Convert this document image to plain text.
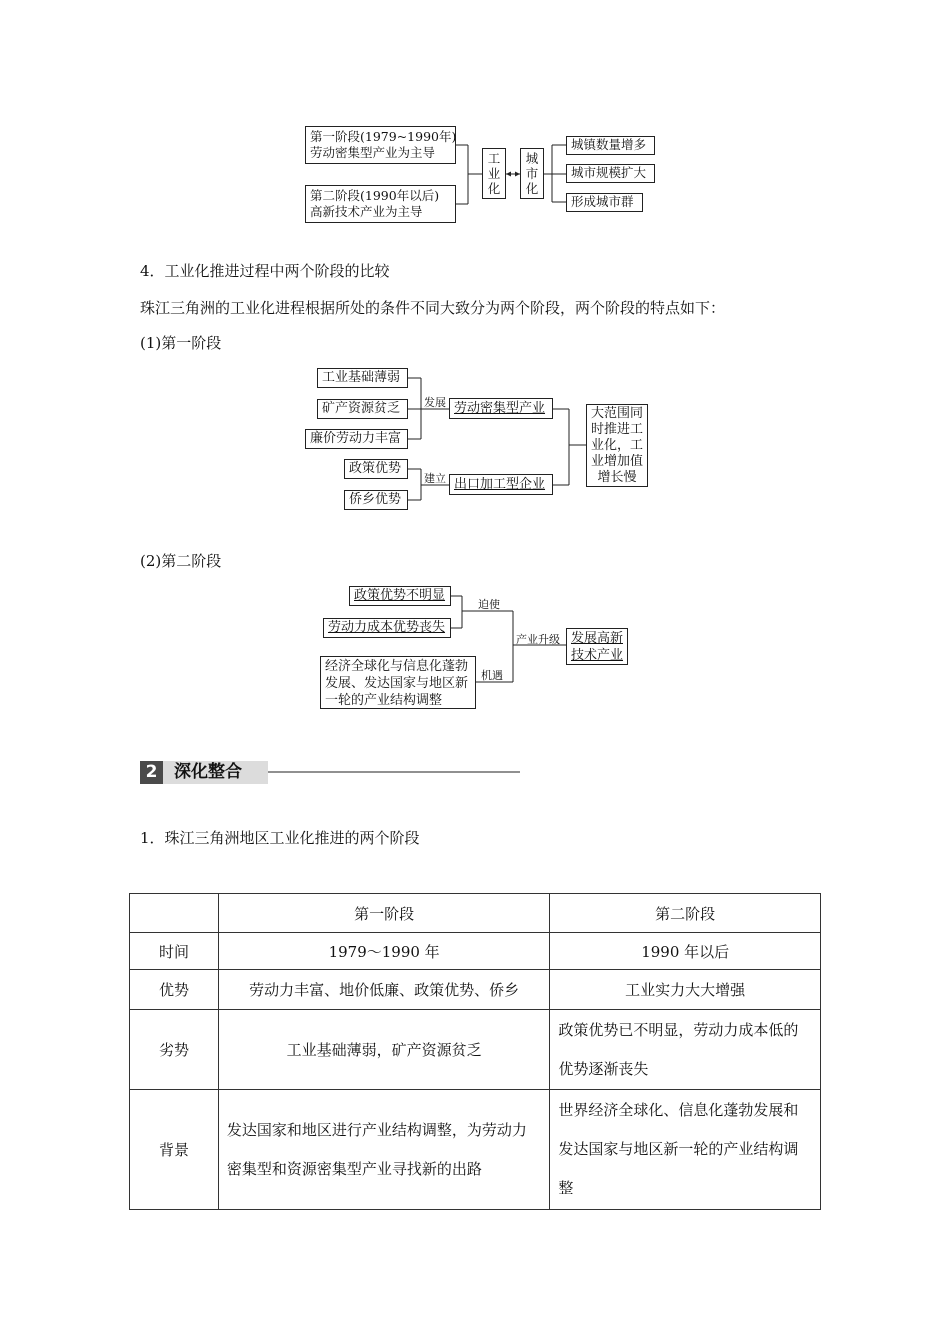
第一阶段(1979~1990年)
劳动密集型产业为主导
第二阶段(1990年以后)
高新技术产业为主导
工
业
化
城
市
化
城镇数量增多
城市规模扩大
形成城市群
4．工业化推进过程中两个阶段的比较
珠江三角洲的工业化进程根据所处的条件不同大致分为两个阶段，两个阶段的特点如下：
(1)第一阶段
工业基础薄弱
矿产资源贫乏
廉价劳动力丰富
政策优势
侨乡优势
发展
建立
劳动密集型产业
出口加工型企业
大范围同
时推进工
业化，工
业增加值
增长慢
(2)第二阶段
政策优势不明显
劳动力成本优势丧失
经济全球化与信息化蓬勃
发展、发达国家与地区新
一轮的产业结构调整
迫使
机遇
产业升级 发展高新
技术产业
2 深化整合
1．珠江三角洲地区工业化推进的两个阶段
	第一阶段	第二阶段
时间	1979～1990 年	1990 年以后
优势	劳动力丰富、地价低廉、政策优势、侨乡	工业实力大大增强
劣势	工业基础薄弱，矿产资源贫乏	政策优势已不明显，劳动力成本低的优势逐渐丧失
背景	发达国家和地区进行产业结构调整，为劳动力密集型和资源密集型产业寻找新的出路	世界经济全球化、信息化蓬勃发展和发达国家与地区新一轮的产业结构调整
